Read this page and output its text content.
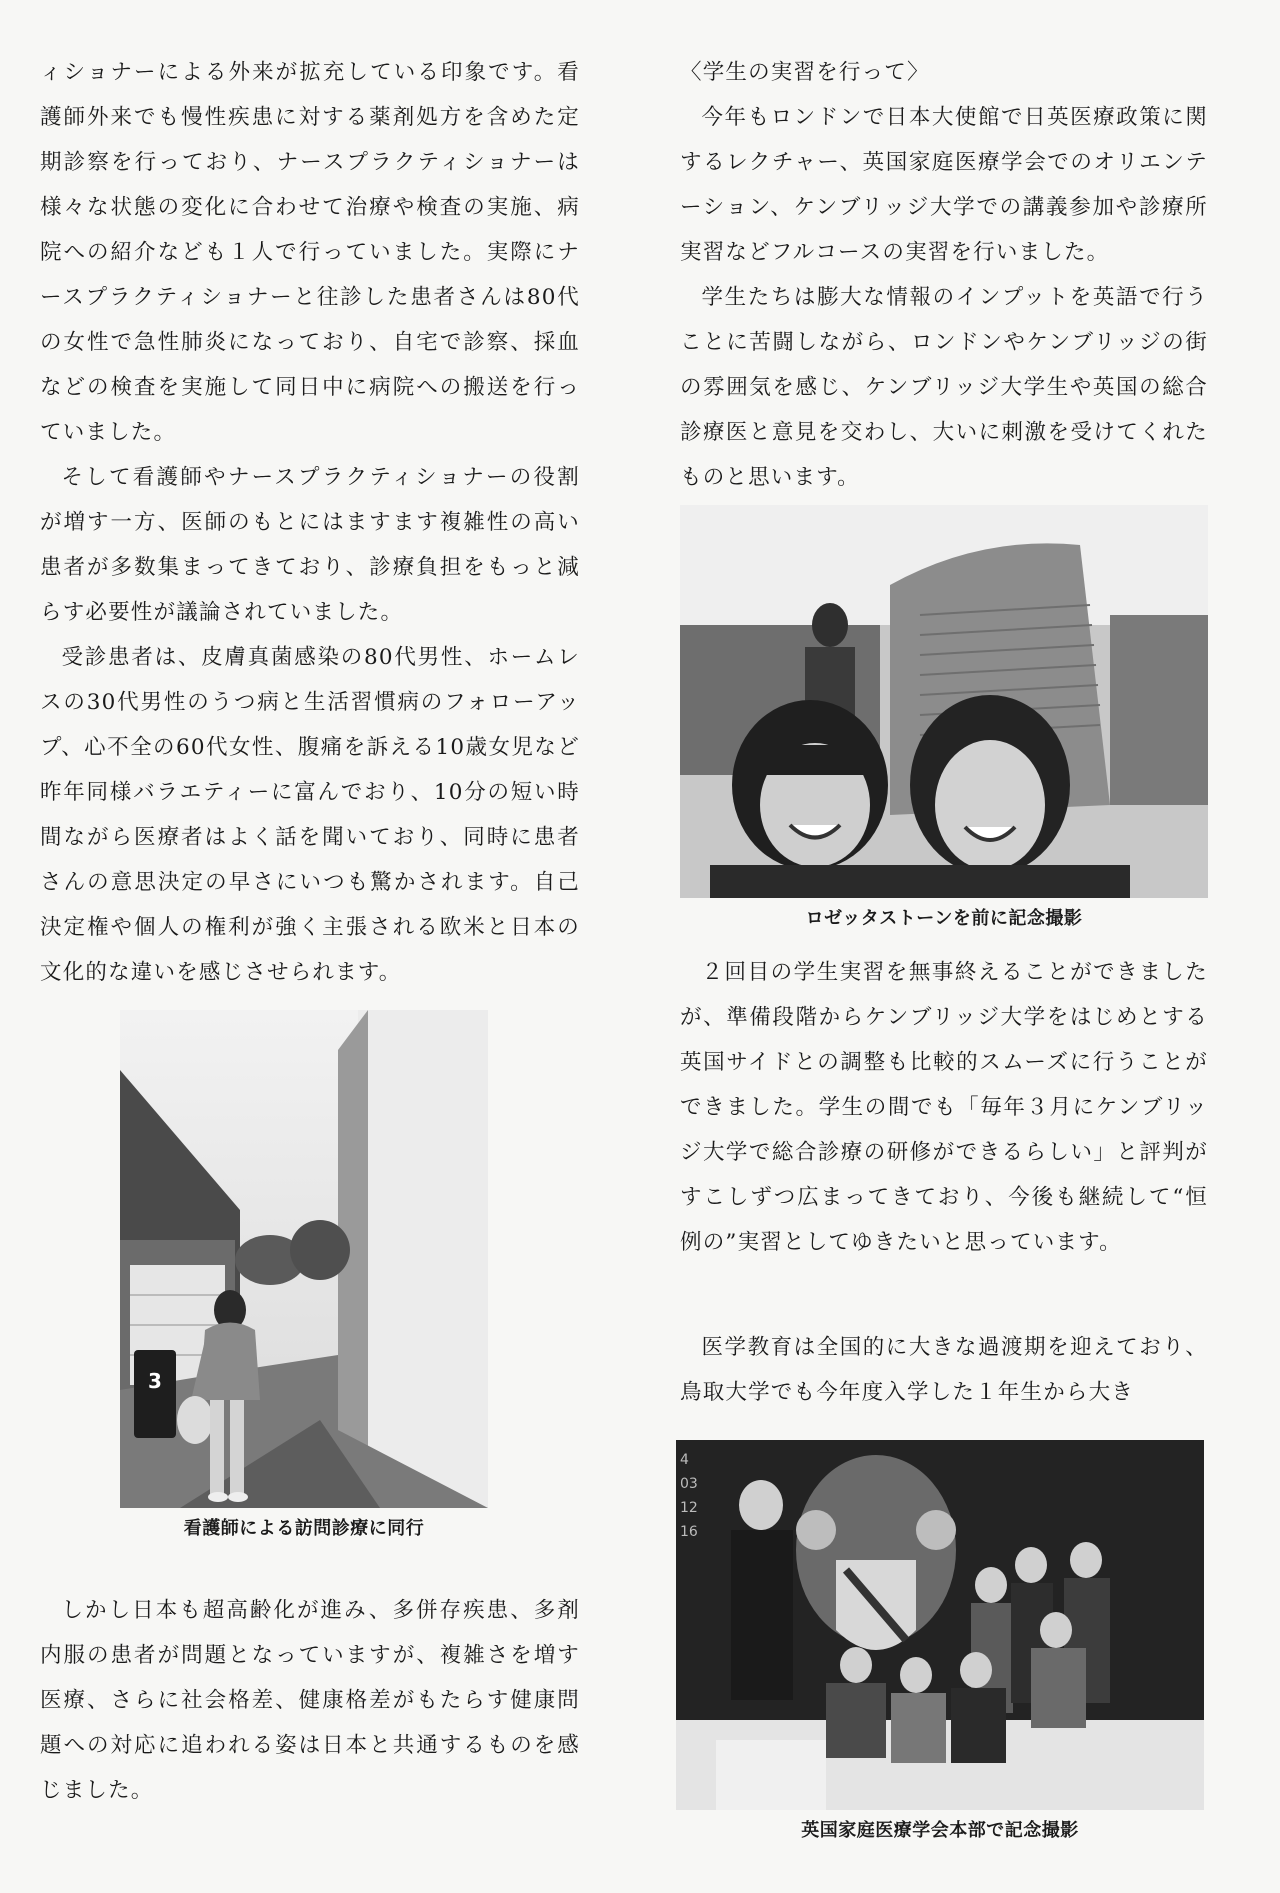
ィショナーによる外来が拡充している印象です。看護師外来でも慢性疾患に対する薬剤処方を含めた定期診察を行っており、ナースプラクティショナーは様々な状態の変化に合わせて治療や検査の実施、病院への紹介なども１人で行っていました。実際にナースプラクティショナーと往診した患者さんは80代の女性で急性肺炎になっており、自宅で診察、採血などの検査を実施して同日中に病院への搬送を行っていました。

そして看護師やナースプラクティショナーの役割が増す一方、医師のもとにはますます複雑性の高い患者が多数集まってきており、診療負担をもっと減らす必要性が議論されていました。

受診患者は、皮膚真菌感染の80代男性、ホームレスの30代男性のうつ病と生活習慣病のフォローアップ、心不全の60代女性、腹痛を訴える10歳女児など昨年同様バラエティーに富んでおり、10分の短い時間ながら医療者はよく話を聞いており、同時に患者さんの意思決定の早さにいつも驚かされます。自己決定権や個人の権利が強く主張される欧米と日本の文化的な違いを感じさせられます。

3
看護師による訪問診療に同行

しかし日本も超高齢化が進み、多併存疾患、多剤内服の患者が問題となっていますが、複雑さを増す医療、さらに社会格差、健康格差がもたらす健康問題への対応に追われる姿は日本と共通するものを感じました。

〈学生の実習を行って〉

今年もロンドンで日本大使館で日英医療政策に関するレクチャー、英国家庭医療学会でのオリエンテーション、ケンブリッジ大学での講義参加や診療所実習などフルコースの実習を行いました。

学生たちは膨大な情報のインプットを英語で行うことに苦闘しながら、ロンドンやケンブリッジの街の雰囲気を感じ、ケンブリッジ大学生や英国の総合診療医と意見を交わし、大いに刺激を受けてくれたものと思います。

ロゼッタストーンを前に記念撮影

２回目の学生実習を無事終えることができましたが、準備段階からケンブリッジ大学をはじめとする英国サイドとの調整も比較的スムーズに行うことができました。学生の間でも「毎年３月にケンブリッジ大学で総合診療の研修ができるらしい」と評判がすこしずつ広まってきており、今後も継続して“恒例の”実習としてゆきたいと思っています。

医学教育は全国的に大きな過渡期を迎えており、鳥取大学でも今年度入学した１年生から大き

4
03
12
16
英国家庭医療学会本部で記念撮影
